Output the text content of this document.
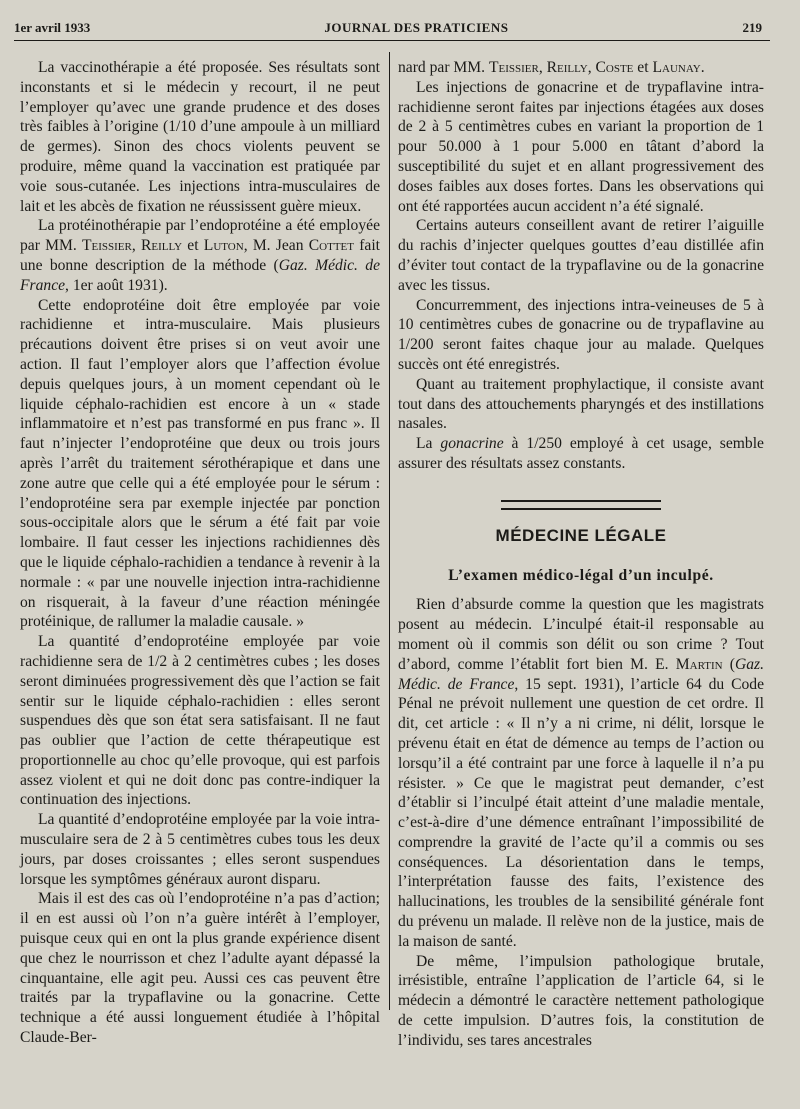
1er avril 1933	JOURNAL DES PRATICIENS	219

La vaccinothérapie a été proposée. Ses résultats sont inconstants et si le médecin y recourt, il ne peut l’employer qu’avec une grande prudence et des doses très faibles à l’origine (1/10 d’une ampoule à un milliard de germes). Sinon des chocs violents peuvent se produire, même quand la vaccination est pratiquée par voie sous-cutanée. Les injections intra-musculaires de lait et les abcès de fixation ne réussissent guère mieux.

La protéinothérapie par l’endoprotéine a été employée par MM. Teissier, Reilly et Luton, M. Jean Cottet fait une bonne description de la méthode (Gaz. Médic. de France, 1er août 1931).

Cette endoprotéine doit être employée par voie rachidienne et intra-musculaire. Mais plusieurs précautions doivent être prises si on veut avoir une action. Il faut l’employer alors que l’affection évolue depuis quelques jours, à un moment cependant où le liquide céphalo-rachidien est encore à un « stade inflammatoire et n’est pas transformé en pus franc ». Il faut n’injecter l’endoprotéine que deux ou trois jours après l’arrêt du traitement sérothérapique et dans une zone autre que celle qui a été employée pour le sérum : l’endoprotéine sera par exemple injectée par ponction sous-occipitale alors que le sérum a été fait par voie lombaire. Il faut cesser les injections rachidiennes dès que le liquide céphalo-rachidien a tendance à revenir à la normale : « par une nouvelle injection intra-rachidienne on risquerait, à la faveur d’une réaction méningée protéinique, de rallumer la maladie causale. »

La quantité d’endoprotéine employée par voie rachidienne sera de 1/2 à 2 centimètres cubes ; les doses seront diminuées progressivement dès que l’action se fait sentir sur le liquide céphalo-rachidien : elles seront suspendues dès que son état sera satisfaisant. Il ne faut pas oublier que l’action de cette thérapeutique est proportionnelle au choc qu’elle provoque, qui est parfois assez violent et qui ne doit donc pas contre-indiquer la continuation des injections.

La quantité d’endoprotéine employée par la voie intra-musculaire sera de 2 à 5 centimètres cubes tous les deux jours, par doses croissantes ; elles seront suspendues lorsque les symptômes généraux auront disparu.

Mais il est des cas où l’endoprotéine n’a pas d’action; il en est aussi où l’on n’a guère intérêt à l’employer, puisque ceux qui en ont la plus grande expérience disent que chez le nourrisson et chez l’adulte ayant dépassé la cinquantaine, elle agit peu. Aussi ces cas peuvent être traités par la trypaflavine ou la gonacrine. Cette technique a été aussi longuement étudiée à l’hôpital Claude-Ber-

nard par MM. Teissier, Reilly, Coste et Launay.

Les injections de gonacrine et de trypaflavine intra-rachidienne seront faites par injections étagées aux doses de 2 à 5 centimètres cubes en variant la proportion de 1 pour 50.000 à 1 pour 5.000 en tâtant d’abord la susceptibilité du sujet et en allant progressivement des doses faibles aux doses fortes. Dans les observations qui ont été rapportées aucun accident n’a été signalé.

Certains auteurs conseillent avant de retirer l’aiguille du rachis d’injecter quelques gouttes d’eau distillée afin d’éviter tout contact de la trypaflavine ou de la gonacrine avec les tissus.

Concurremment, des injections intra-veineuses de 5 à 10 centimètres cubes de gonacrine ou de trypaflavine au 1/200 seront faites chaque jour au malade. Quelques succès ont été enregistrés.

Quant au traitement prophylactique, il consiste avant tout dans des attouchements pharyngés et des instillations nasales.

La gonacrine à 1/250 employé à cet usage, semble assurer des résultats assez constants.

MÉDECINE LÉGALE
L’examen médico-légal d’un inculpé.

Rien d’absurde comme la question que les magistrats posent au médecin. L’inculpé était-il responsable au moment où il commis son délit ou son crime ? Tout d’abord, comme l’établit fort bien M. E. Martin (Gaz. Médic. de France, 15 sept. 1931), l’article 64 du Code Pénal ne prévoit nullement une question de cet ordre. Il dit, cet article : « Il n’y a ni crime, ni délit, lorsque le prévenu était en état de démence au temps de l’action ou lorsqu’il a été contraint par une force à laquelle il n’a pu résister. » Ce que le magistrat peut demander, c’est d’établir si l’inculpé était atteint d’une maladie mentale, c’est-à-dire d’une démence entraînant l’impossibilité de comprendre la gravité de l’acte qu’il a commis ou ses conséquences. La désorientation dans le temps, l’interprétation fausse des faits, l’existence des hallucinations, les troubles de la sensibilité générale font du prévenu un malade. Il relève non de la justice, mais de la maison de santé.

De même, l’impulsion pathologique brutale, irrésistible, entraîne l’application de l’article 64, si le médecin a démontré le caractère nettement pathologique de cette impulsion. D’autres fois, la constitution de l’individu, ses tares ancestrales
